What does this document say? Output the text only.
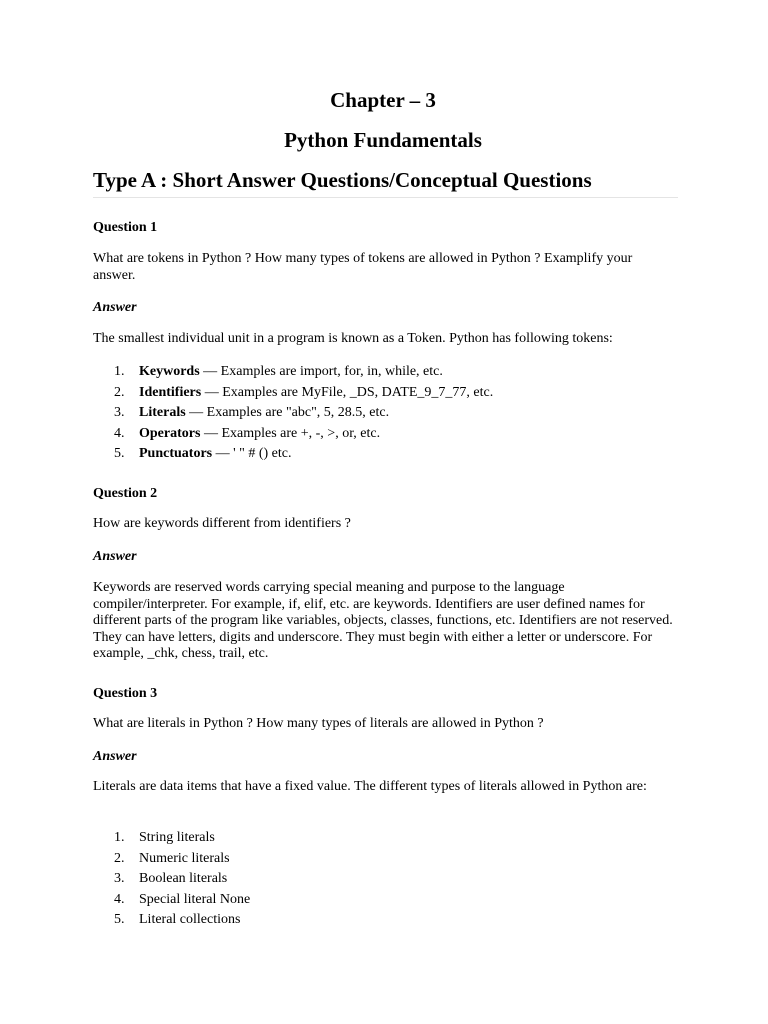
Chapter – 3
Python Fundamentals
Type A : Short Answer Questions/Conceptual Questions

Question 1

What are tokens in Python ? How many types of tokens are allowed in Python ? Examplify your answer.

Answer

The smallest individual unit in a program is known as a Token. Python has following tokens:

1. Keywords — Examples are import, for, in, while, etc.
2. Identifiers — Examples are MyFile, _DS, DATE_9_7_77, etc.
3. Literals — Examples are "abc", 5, 28.5, etc.
4. Operators — Examples are +, -, >, or, etc.
5. Punctuators — ' " # () etc.

Question 2

How are keywords different from identifiers ?

Answer

Keywords are reserved words carrying special meaning and purpose to the language compiler/interpreter. For example, if, elif, etc. are keywords. Identifiers are user defined names for different parts of the program like variables, objects, classes, functions, etc. Identifiers are not reserved. They can have letters, digits and underscore. They must begin with either a letter or underscore. For example, _chk, chess, trail, etc.

Question 3

What are literals in Python ? How many types of literals are allowed in Python ?

Answer

Literals are data items that have a fixed value. The different types of literals allowed in Python are:

1. String literals
2. Numeric literals
3. Boolean literals
4. Special literal None
5. Literal collections
